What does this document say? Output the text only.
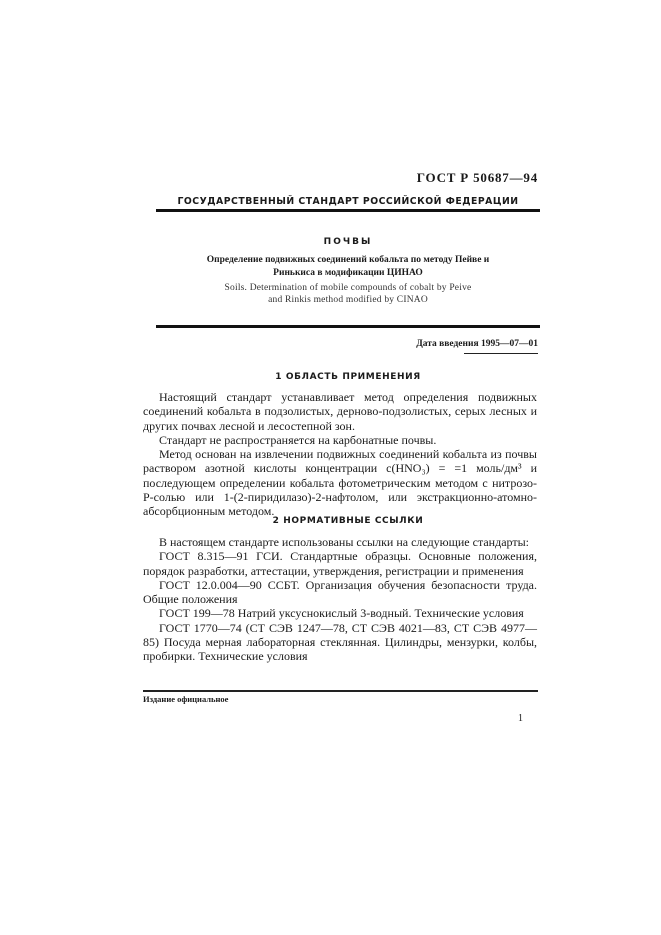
ГОСТ Р 50687—94
ГОСУДАРСТВЕННЫЙ СТАНДАРТ РОССИЙСКОЙ ФЕДЕРАЦИИ
ПОЧВЫ
Определение подвижных соединений кобальта по методу Пейве и
Ринькиса в модификации ЦИНАО
Soils. Determination of mobile compounds of cobalt by Peive
and Rinkis method modified by CINAO
Дата введения 1995—07—01
1 ОБЛАСТЬ ПРИМЕНЕНИЯ

Настоящий стандарт устанавливает метод определения подвижных соединений кобальта в подзолистых, дерново-подзолистых, серых лесных и других почвах лесной и лесостепной зон.

Стандарт не распространяется на карбонатные почвы.

Метод основан на извлечении подвижных соединений кобальта из почвы раствором азотной кислоты концентрации c(HNO₃) = =1 моль/дм³ и последующем определении кобальта фотометрическим методом с нитрозо-Р-солью или 1-(2-пиридилазо)-2-нафтолом, или экстракционно-атомно-абсорбционным методом.

2 НОРМАТИВНЫЕ ССЫЛКИ

В настоящем стандарте использованы ссылки на следующие стандарты:

ГОСТ 8.315—91 ГСИ. Стандартные образцы. Основные положения, порядок разработки, аттестации, утверждения, регистрации и применения

ГОСТ 12.0.004—90 ССБТ. Организация обучения безопасности труда. Общие положения

ГОСТ 199—78 Натрий уксуснокислый 3-водный. Технические условия

ГОСТ 1770—74 (СТ СЭВ 1247—78, СТ СЭВ 4021—83, СТ СЭВ 4977—85) Посуда мерная лабораторная стеклянная. Цилиндры, мензурки, колбы, пробирки. Технические условия

Издание официальное
1
